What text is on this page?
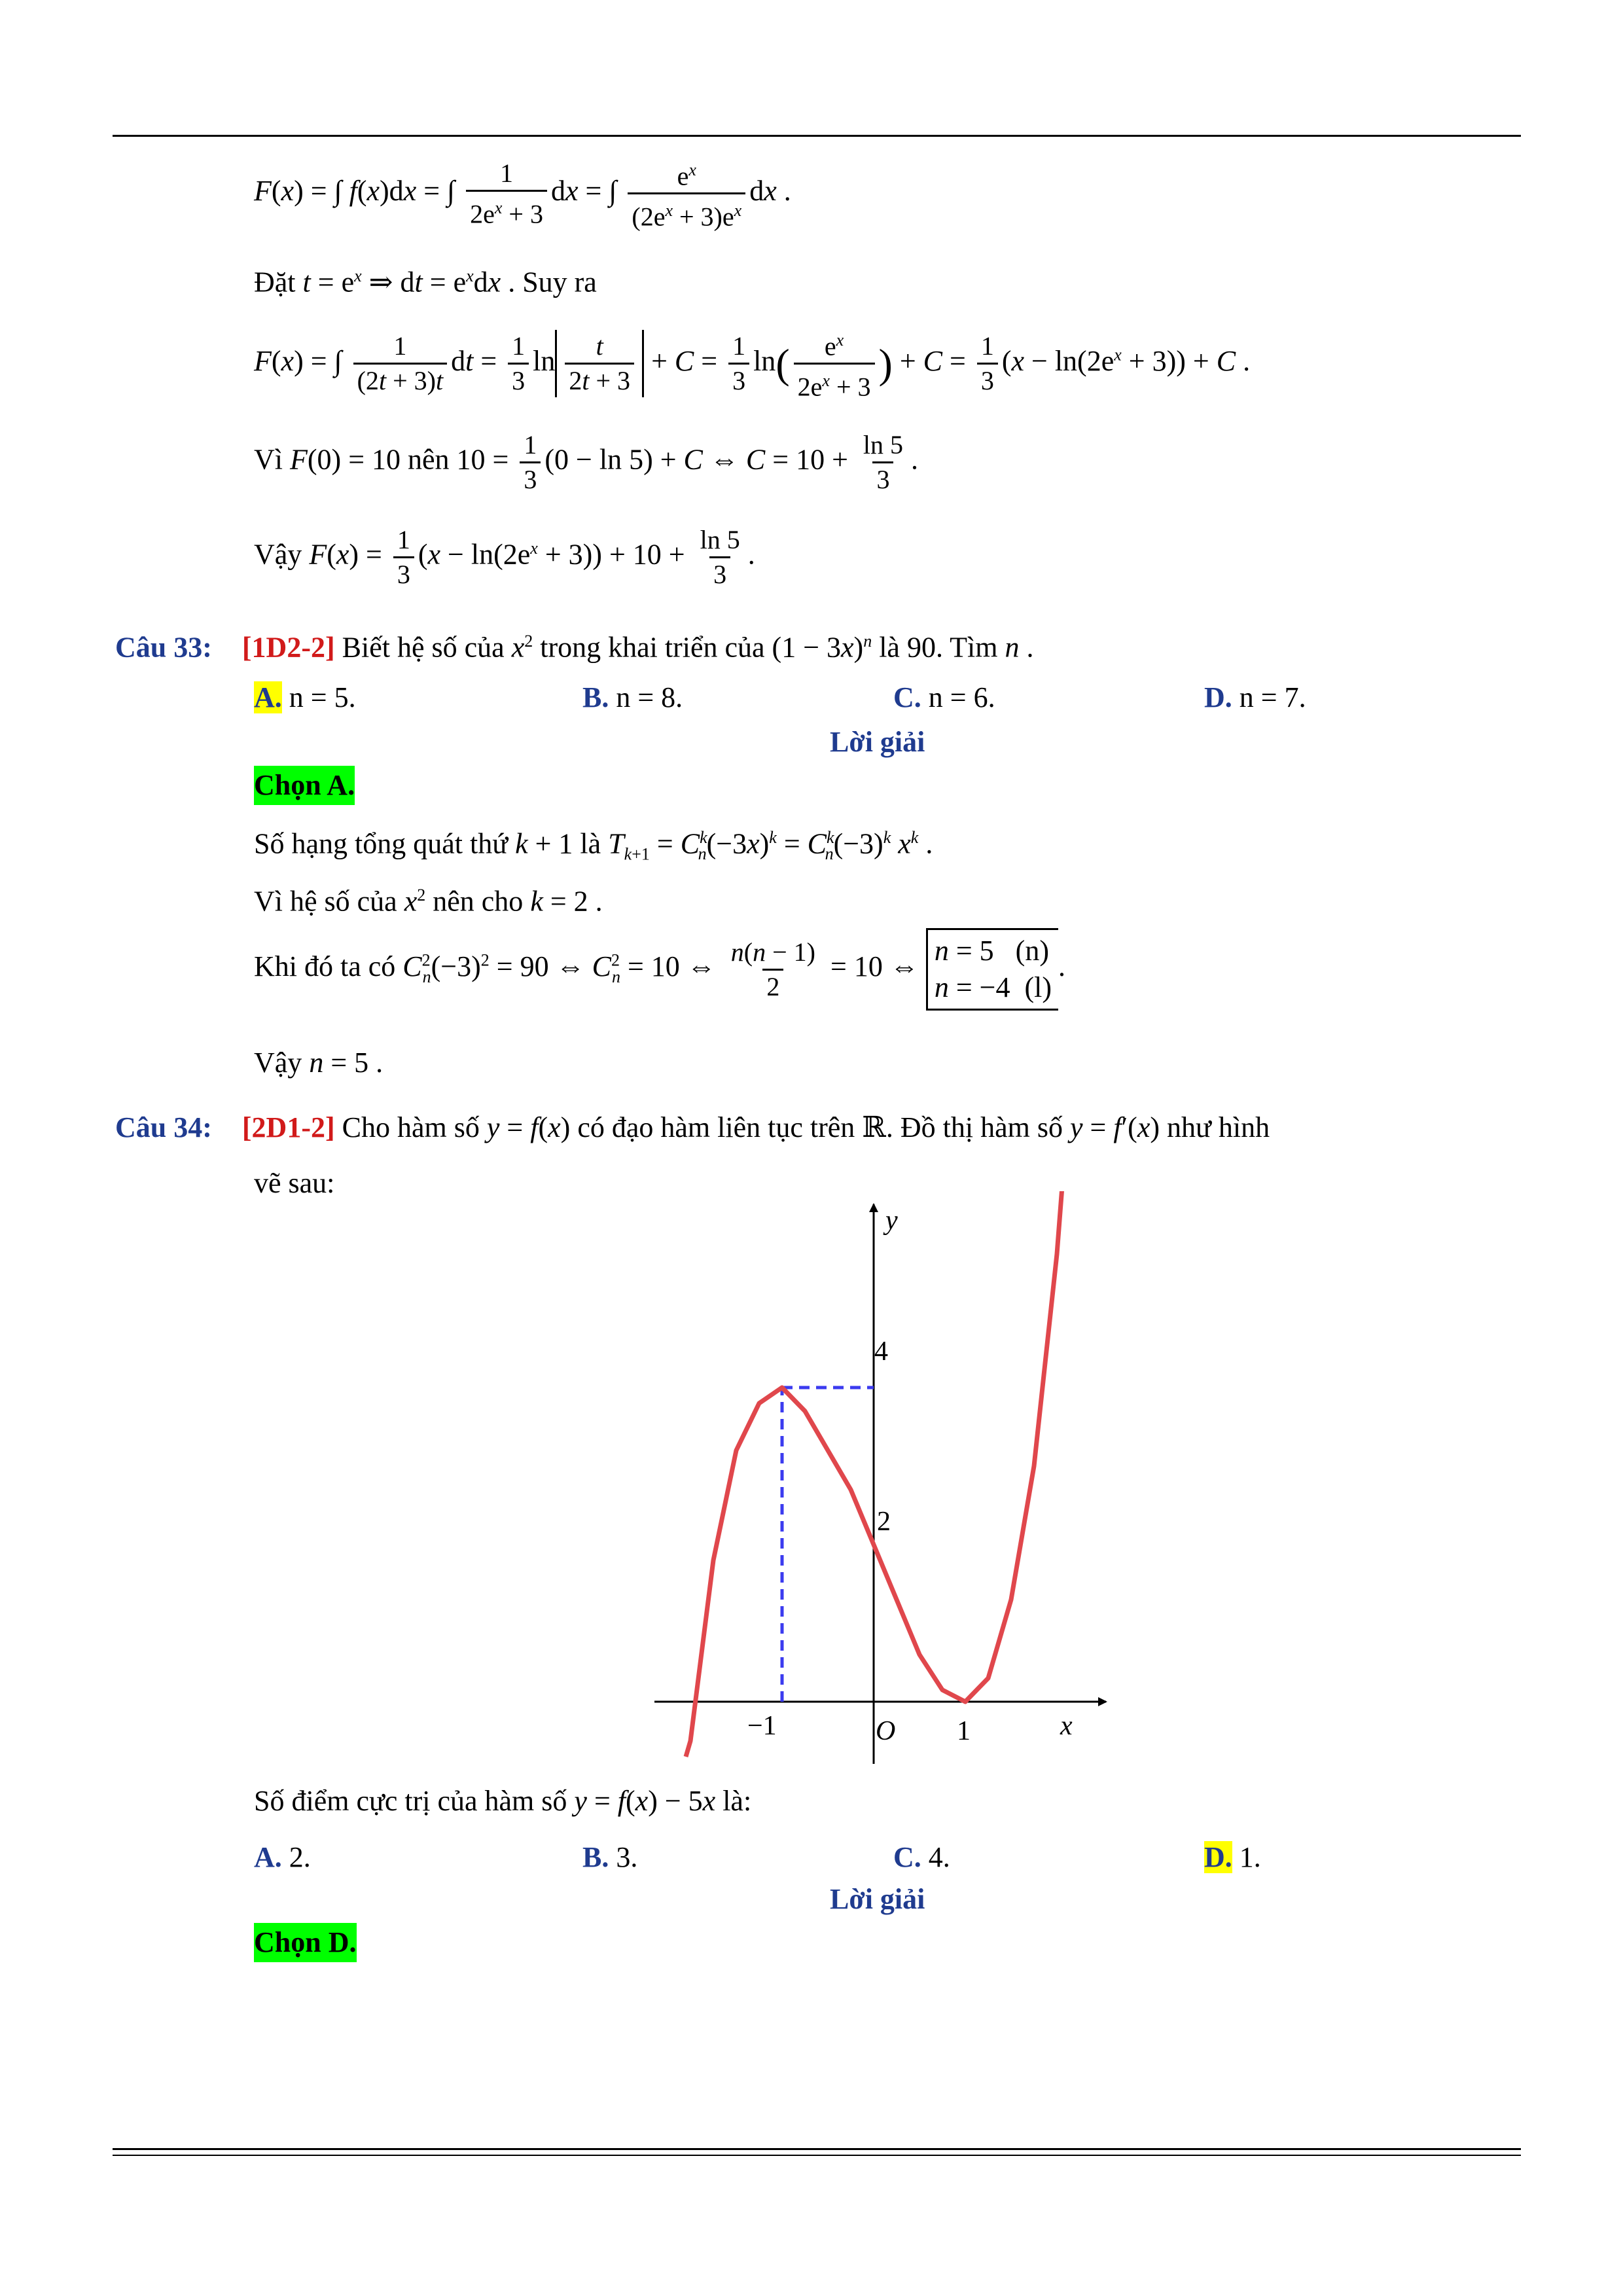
F(x) = ∫ f(x)dx = ∫ $\frac{1}{2e^x + 3}$ dx = ∫ $\frac{e^x}{(2e^x + 3)e^x}$ dx .
Đặt $t = e^x$ ⇒ dt = $e^xdx$ . Suy ra
F(x) = ∫ $\frac{1}{(2t + 3)t}$ dt = $\frac{1}{3}$ $\ln \frac{t}{2t + 3} + C = \frac{1}{3} \ln( \frac{e^x}{2e^x + 3}$ ) + $C = \frac{1}{3} (x - \ln(2e^x + 3)) + C$ .
Vì F(0) = 10 nên $10 = \frac{1}{3} (0 - \ln 5) + C$ ⇔ $C = 10 + \frac{\ln 5}{3}$ .
Vậy $F(x) = \frac{1}{3} (x - \ln(2e^x + 3)) + 10 + \frac{\ln 5}{3}$ .
Câu 33: [1D2-2] Biết hệ số của $x^2$ trong khai triển của $(1 - 3x)^n$ là 90. Tìm n .
A. n = 5.	B. n = 8.	C. n = 6.	D. n = 7.
Lời giải
Chọn A.
Số hạng tổng quát thứ k + 1 là $T_{k+1} = C^k_n(-3x)^k = C^k_n(-3)^k$ $x^k$ .
Vì hệ số của $x^2$ nên cho k = 2 .
Khi đó ta có $C^2_n(-3)^2 = 90$ ⇔ $C^2_n = 10$ ⇔ $\frac{n(n - 1)}{2} = 10$ ⇔ n = 5   (n)
n = −4  (l).
Vậy n = 5 .
Câu 34: [2D1-2] Cho hàm số y = f(x) có đạo hàm liên tục trên ℝ. Đồ thị hàm số y = f′(x) như hình
vẽ sau:
y
x
O
−1	1
2
4
Số điểm cực trị của hàm số y = f(x) − 5x là:
A. 2.	B. 3.	C. 4.	D. 1.
Lời giải
Chọn D.
